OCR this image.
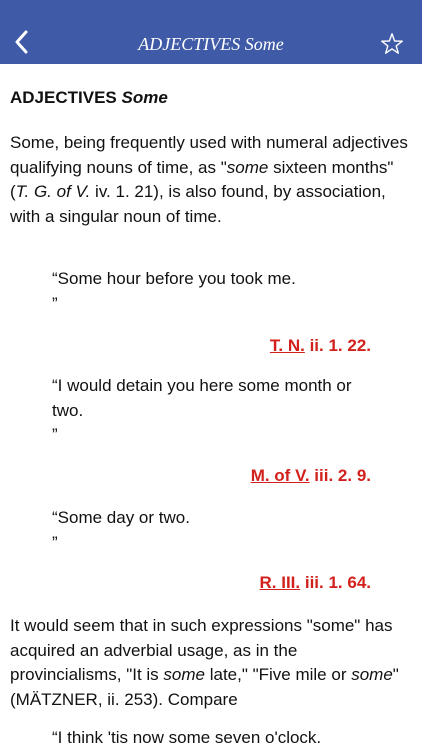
ADJECTIVES Some
ADJECTIVES Some

Some, being frequently used with numeral adjectives qualifying nouns of time, as "some sixteen months" (T. G. of V. iv. 1. 21), is also found, by association, with a singular noun of time.

“Some hour before you took me.
”

T. N. ii. 1. 22.

“I would detain you here some month or two.
”

M. of V. iii. 2. 9.

“Some day or two.
”

R. III. iii. 1. 64.

It would seem that in such expressions "some" has acquired an adverbial usage, as in the provincialisms, "It is some late," "Five mile or some" (MÄTZNER, ii. 253). Compare

“I think 'tis now some seven o'clock.
